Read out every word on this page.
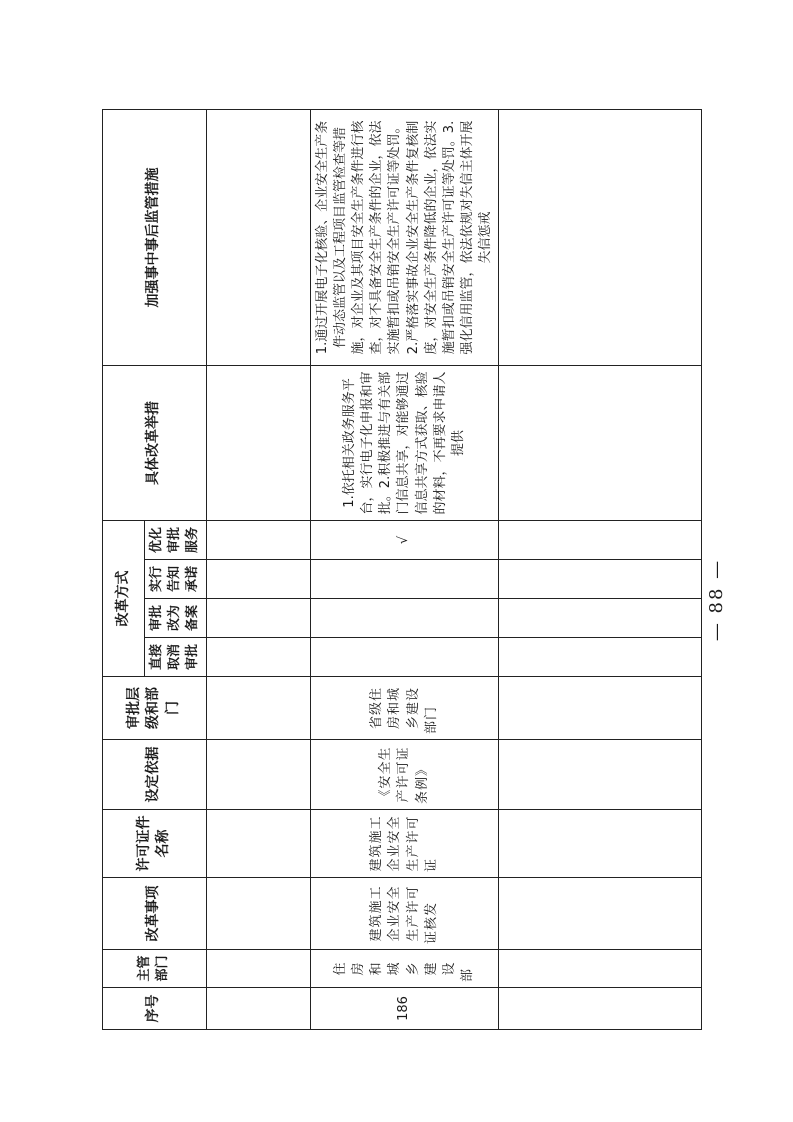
序号	主管部门	改革事项	许可证件名称	设定依据	审批层级和部门	改革方式				具体改革举措	加强事中事后监管措施
						直接取消审批	审批改为备案	实行告知承诺	优化审批服务		

186	住房和城乡建设部	建筑施工企业安全生产许可证核发	建筑施工企业安全生产许可证	《安全生产许可证条例》	省级住房和城乡建设部门				√	1.依托相关政务服务平台，实行电子化申报和审批。2.积极推进与有关部门信息共享，对能够通过信息共享方式获取、核验的材料，不再要求申请人提供	1.通过开展电子化核验、企业安全生产条件动态监管以及工程项目监管检查等措施，对企业及其项目安全生产条件进行核查，对不具备安全生产条件的企业，依法实施暂扣或吊销安全生产许可证等处罚。2.严格落实事故企业安全生产条件复核制度，对安全生产条件降低的企业，依法实施暂扣或吊销安全生产许可证等处罚。3.强化信用监管，依法依规对失信主体开展失信惩戒

— 88 —
